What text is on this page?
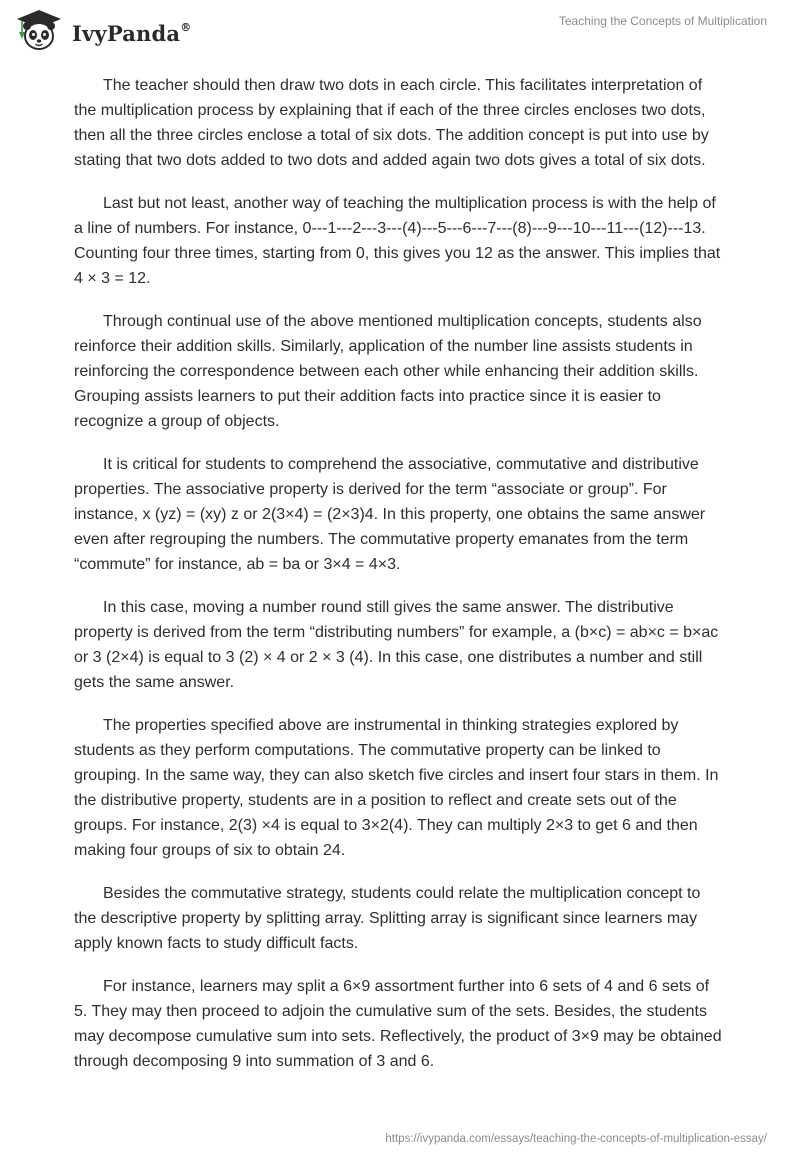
IvyPanda®	Teaching the Concepts of Multiplication

The teacher should then draw two dots in each circle. This facilitates interpretation of the multiplication process by explaining that if each of the three circles encloses two dots, then all the three circles enclose a total of six dots. The addition concept is put into use by stating that two dots added to two dots and added again two dots gives a total of six dots.

Last but not least, another way of teaching the multiplication process is with the help of a line of numbers. For instance, 0---1---2---3---(4)---5---6---7---(8)---9---10---11---(12)---13. Counting four three times, starting from 0, this gives you 12 as the answer. This implies that 4 × 3 = 12.

Through continual use of the above mentioned multiplication concepts, students also reinforce their addition skills. Similarly, application of the number line assists students in reinforcing the correspondence between each other while enhancing their addition skills. Grouping assists learners to put their addition facts into practice since it is easier to recognize a group of objects.

It is critical for students to comprehend the associative, commutative and distributive properties. The associative property is derived for the term “associate or group”. For instance, x (yz) = (xy) z or 2(3×4) = (2×3)4. In this property, one obtains the same answer even after regrouping the numbers. The commutative property emanates from the term “commute” for instance, ab = ba or 3×4 = 4×3.

In this case, moving a number round still gives the same answer. The distributive property is derived from the term “distributing numbers” for example, a (b×c) = ab×c = b×ac or 3 (2×4) is equal to 3 (2) × 4 or 2 × 3 (4). In this case, one distributes a number and still gets the same answer.

The properties specified above are instrumental in thinking strategies explored by students as they perform computations. The commutative property can be linked to grouping. In the same way, they can also sketch five circles and insert four stars in them. In the distributive property, students are in a position to reflect and create sets out of the groups. For instance, 2(3) ×4 is equal to 3×2(4). They can multiply 2×3 to get 6 and then making four groups of six to obtain 24.

Besides the commutative strategy, students could relate the multiplication concept to the descriptive property by splitting array. Splitting array is significant since learners may apply known facts to study difficult facts.

For instance, learners may split a 6×9 assortment further into 6 sets of 4 and 6 sets of 5. They may then proceed to adjoin the cumulative sum of the sets. Besides, the students may decompose cumulative sum into sets. Reflectively, the product of 3×9 may be obtained through decomposing 9 into summation of 3 and 6.

https://ivypanda.com/essays/teaching-the-concepts-of-multiplication-essay/
